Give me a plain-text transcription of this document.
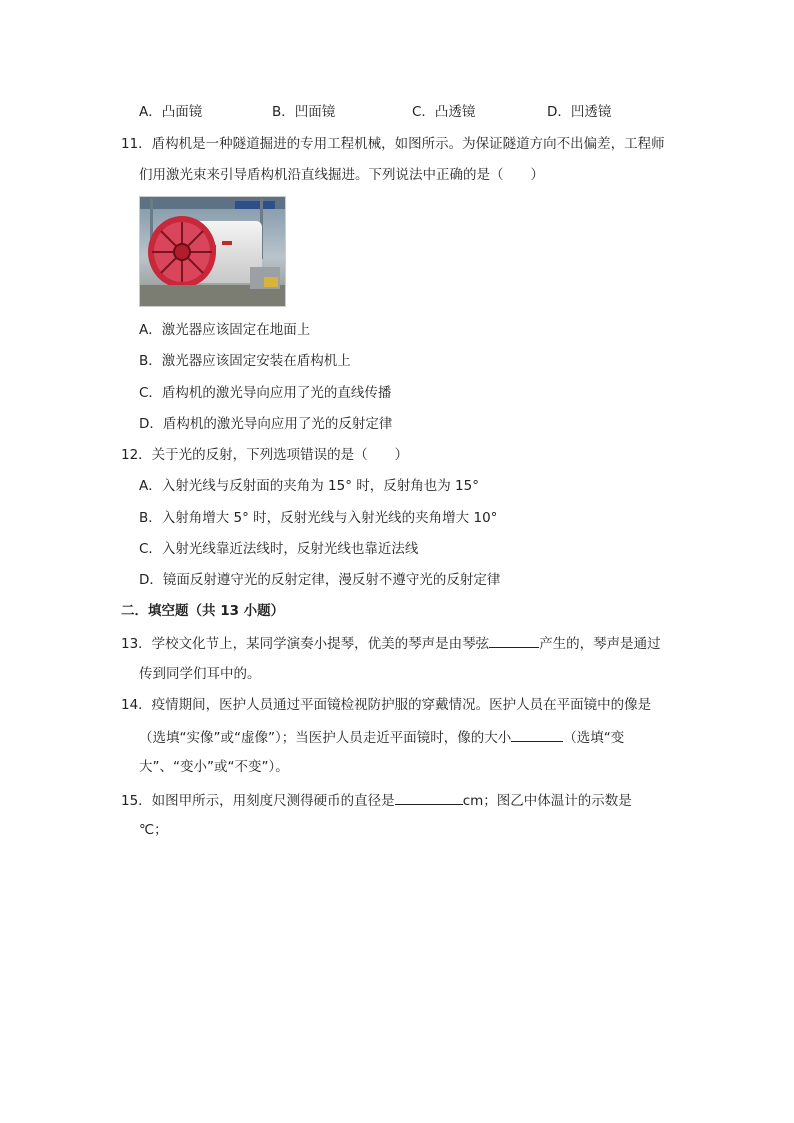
A．凸面镜	B．凹面镜	C．凸透镜	D．凹透镜
11．盾构机是一种隧道掘进的专用工程机械，如图所示。为保证隧道方向不出偏差，工程师
们用激光束来引导盾构机沿直线掘进。下列说法中正确的是（　　）
A．激光器应该固定在地面上
B．激光器应该固定安装在盾构机上
C．盾构机的激光导向应用了光的直线传播
D．盾构机的激光导向应用了光的反射定律
12．关于光的反射，下列选项错误的是（　　）
A．入射光线与反射面的夹角为 15° 时，反射角也为 15°
B．入射角增大 5° 时，反射光线与入射光线的夹角增大 10°
C．入射光线靠近法线时，反射光线也靠近法线
D．镜面反射遵守光的反射定律，漫反射不遵守光的反射定律
二．填空题（共 13 小题）
13．学校文化节上，某同学演奏小提琴，优美的琴声是由琴弦	产生的，琴声是通过
传到同学们耳中的。
14．疫情期间，医护人员通过平面镜检视防护服的穿戴情况。医护人员在平面镜中的像是
（选填“实像”或“虚像”）；当医护人员走近平面镜时，像的大小	（选填“变
大”、“变小”或“不变”）。
15．如图甲所示，用刻度尺测得硬币的直径是	cm；图乙中体温计的示数是
℃；
